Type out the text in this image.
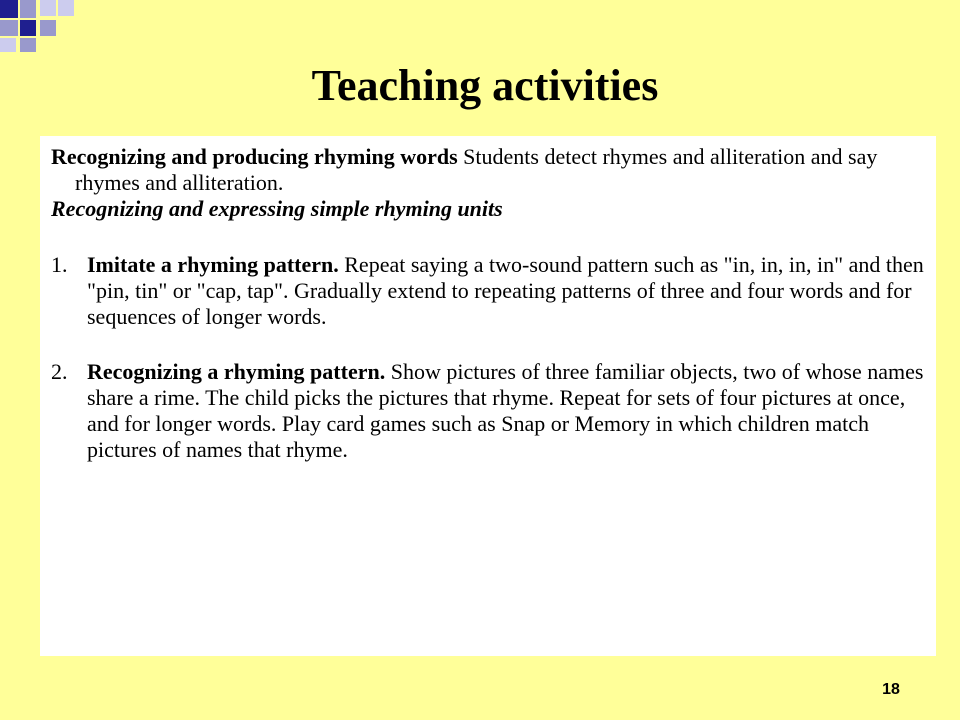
Teaching activities

Recognizing and producing rhyming words Students detect rhymes and alliteration and say rhymes and alliteration.

Recognizing and expressing simple rhyming units

1. Imitate a rhyming pattern. Repeat saying a two-sound pattern such as "in, in, in, in" and then "pin, tin" or "cap, tap". Gradually extend to repeating patterns of three and four words and for sequences of longer words.
2. Recognizing a rhyming pattern. Show pictures of three familiar objects, two of whose names share a rime. The child picks the pictures that rhyme. Repeat for sets of four pictures at once, and for longer words. Play card games such as Snap or Memory in which children match pictures of names that rhyme.
18
